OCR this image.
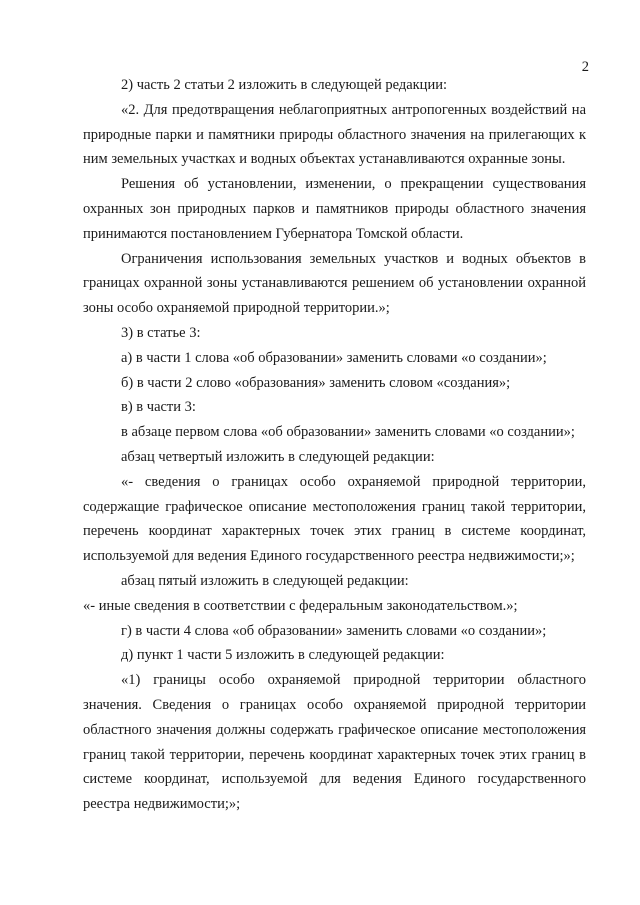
2

2) часть 2 статьи 2 изложить в следующей редакции:

«2. Для предотвращения неблагоприятных антропогенных воздействий на природные парки и памятники природы областного значения на прилегающих к ним земельных участках и водных объектах устанавливаются охранные зоны.

Решения об установлении, изменении, о прекращении существования охранных зон природных парков и памятников природы областного значения принимаются постановлением Губернатора Томской области.

Ограничения использования земельных участков и водных объектов в границах охранной зоны устанавливаются решением об установлении охранной зоны особо охраняемой природной территории.»;

3) в статье 3:

а) в части 1 слова «об образовании» заменить словами «о создании»;

б) в части 2 слово «образования» заменить словом «создания»;

в) в части 3:

в абзаце первом слова «об образовании» заменить словами «о создании»;

абзац четвертый изложить в следующей редакции:

«- сведения о границах особо охраняемой природной территории, содержащие графическое описание местоположения границ такой территории, перечень координат характерных точек этих границ в системе координат, используемой для ведения Единого государственного реестра недвижимости;»;

абзац пятый изложить в следующей редакции:

«- иные сведения в соответствии с федеральным законодательством.»;

г) в части 4 слова «об образовании» заменить словами «о создании»;

д) пункт 1 части 5 изложить в следующей редакции:

«1) границы особо охраняемой природной территории областного значения. Сведения о границах особо охраняемой природной территории областного значения должны содержать графическое описание местоположения границ такой территории, перечень координат характерных точек этих границ в системе координат, используемой для ведения Единого государственного реестра недвижимости;»;
